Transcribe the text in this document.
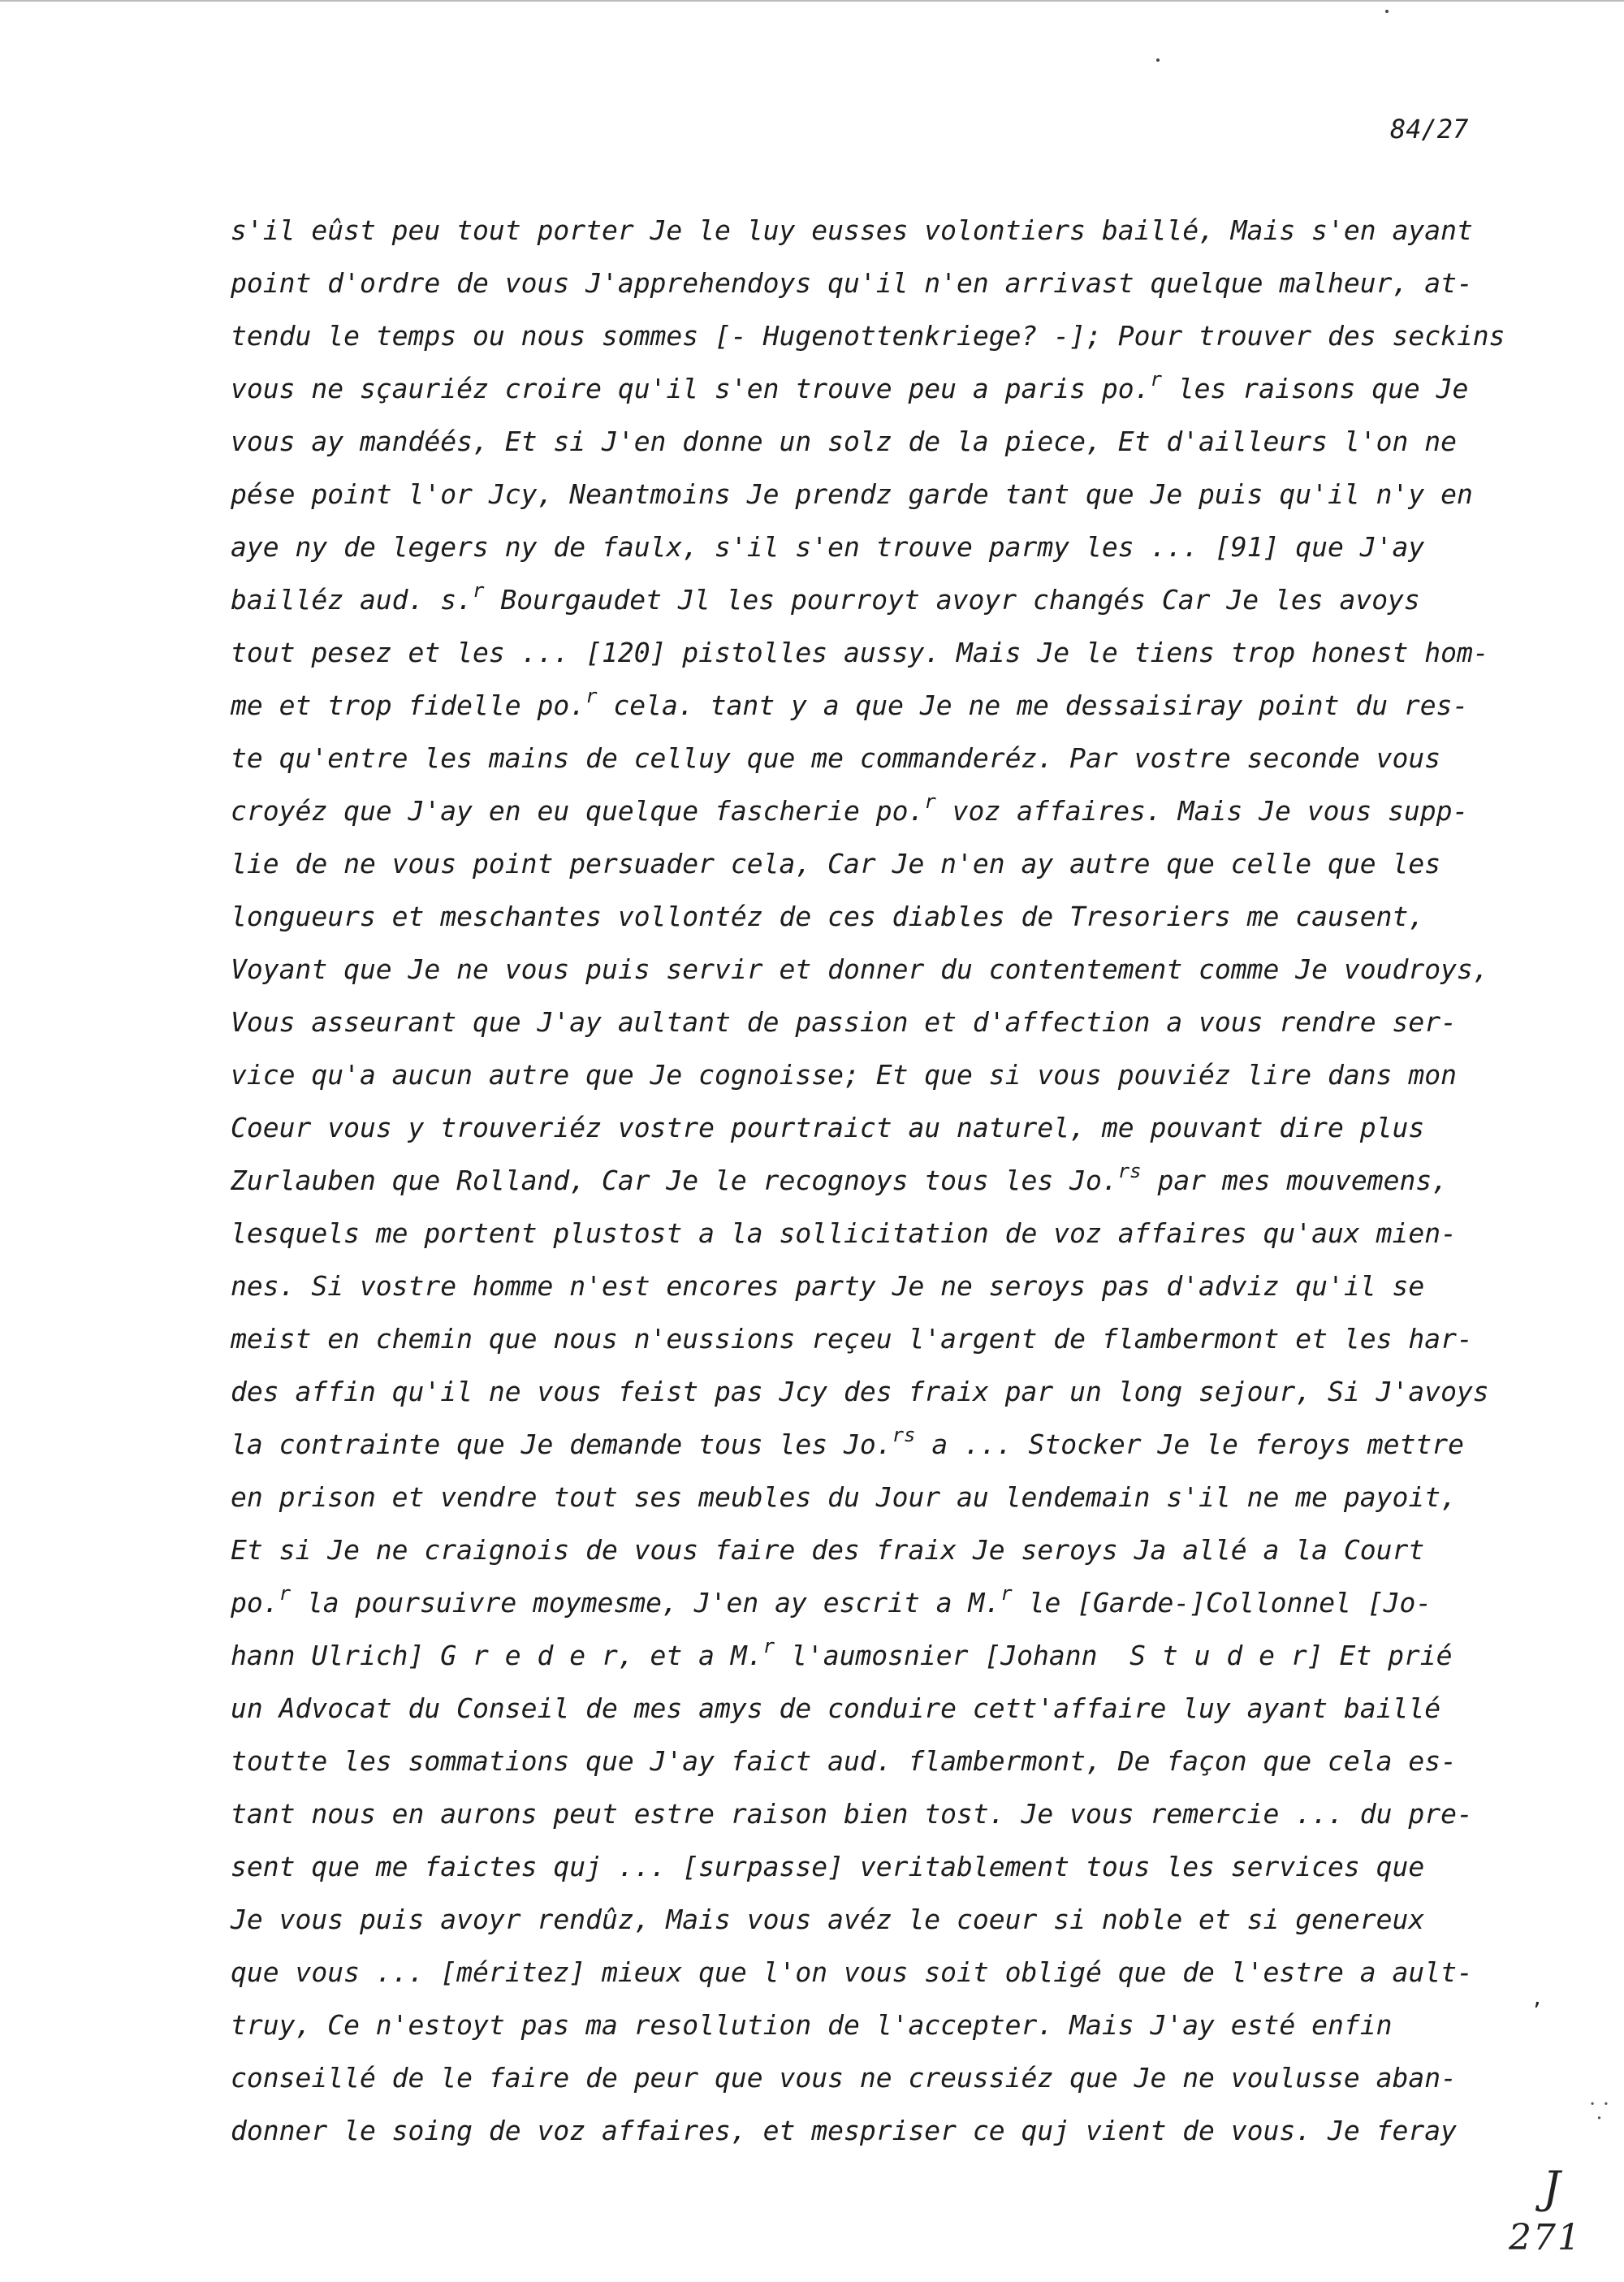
84/27
s'il eûst peu tout porter Je le luy eusses volontiers baillé, Mais s'en ayant
point d'ordre de vous J'apprehendoys qu'il n'en arrivast quelque malheur, at-
tendu le temps ou nous sommes [- Hugenottenkriege? -]; Pour trouver des seckins
vous ne sçauriéz croire qu'il s'en trouve peu a paris po.$^r$ les raisons que Je
vous ay mandéés, Et si J'en donne un solz de la piece, Et d'ailleurs l'on ne
pése point l'or Jcy, Neantmoins Je prendz garde tant que Je puis qu'il n'y en
aye ny de legers ny de faulx, s'il s'en trouve parmy les ... [91] que J'ay
bailléz aud. s.$^r$ Bourgaudet Jl les pourroyt avoyr changés Car Je les avoys
tout pesez et les ... [120] pistolles aussy. Mais Je le tiens trop honest hom-
me et trop fidelle po.$^r$ cela. tant y a que Je ne me dessaisiray point du res-
te qu'entre les mains de celluy que me commanderéz. Par vostre seconde vous
croyéz que J'ay en eu quelque fascherie po.$^r$ voz affaires. Mais Je vous supp-
lie de ne vous point persuader cela, Car Je n'en ay autre que celle que les
longueurs et meschantes vollontéz de ces diables de Tresoriers me causent,
Voyant que Je ne vous puis servir et donner du contentement comme Je voudroys,
Vous asseurant que J'ay aultant de passion et d'affection a vous rendre ser-
vice qu'a aucun autre que Je cognoisse; Et que si vous pouviéz lire dans mon
Coeur vous y trouveriéz vostre pourtraict au naturel, me pouvant dire plus
Zurlauben que Rolland, Car Je le recognoys tous les Jo.$^{rs}$ par mes mouvemens,
lesquels me portent plustost a la sollicitation de voz affaires qu'aux mien-
nes. Si vostre homme n'est encores party Je ne seroys pas d'adviz qu'il se
meist en chemin que nous n'eussions reçeu l'argent de flambermont et les har-
des affin qu'il ne vous feist pas Jcy des fraix par un long sejour, Si J'avoys
la contrainte que Je demande tous les Jo.$^{rs}$ a ... Stocker Je le feroys mettre
en prison et vendre tout ses meubles du Jour au lendemain s'il ne me payoit,
Et si Je ne craignois de vous faire des fraix Je seroys Ja allé a la Court
po.$^r$ la poursuivre moymesme, J'en ay escrit a M.$^r$ le [Garde-]Collonnel [Jo-
hann Ulrich] G r e d e r, et a M.$^r$ l'aumosnier [Johann  S t u d e r] Et prié
un Advocat du Conseil de mes amys de conduire cett'affaire luy ayant baillé
toutte les sommations que J'ay faict aud. flambermont, De façon que cela es-
tant nous en aurons peut estre raison bien tost. Je vous remercie ... du pre-
sent que me faictes quj ... [surpasse] veritablement tous les services que
Je vous puis avoyr rendûz, Mais vous avéz le coeur si noble et si genereux
que vous ... [méritez] mieux que l'on vous soit obligé que de l'estre a ault-
truy, Ce n'estoyt pas ma resollution de l'accepter. Mais J'ay esté enfin
conseillé de le faire de peur que vous ne creussiéz que Je ne voulusse aban-
donner le soing de voz affaires, et mespriser ce quj vient de vous. Je feray
’
⸪
J
271
